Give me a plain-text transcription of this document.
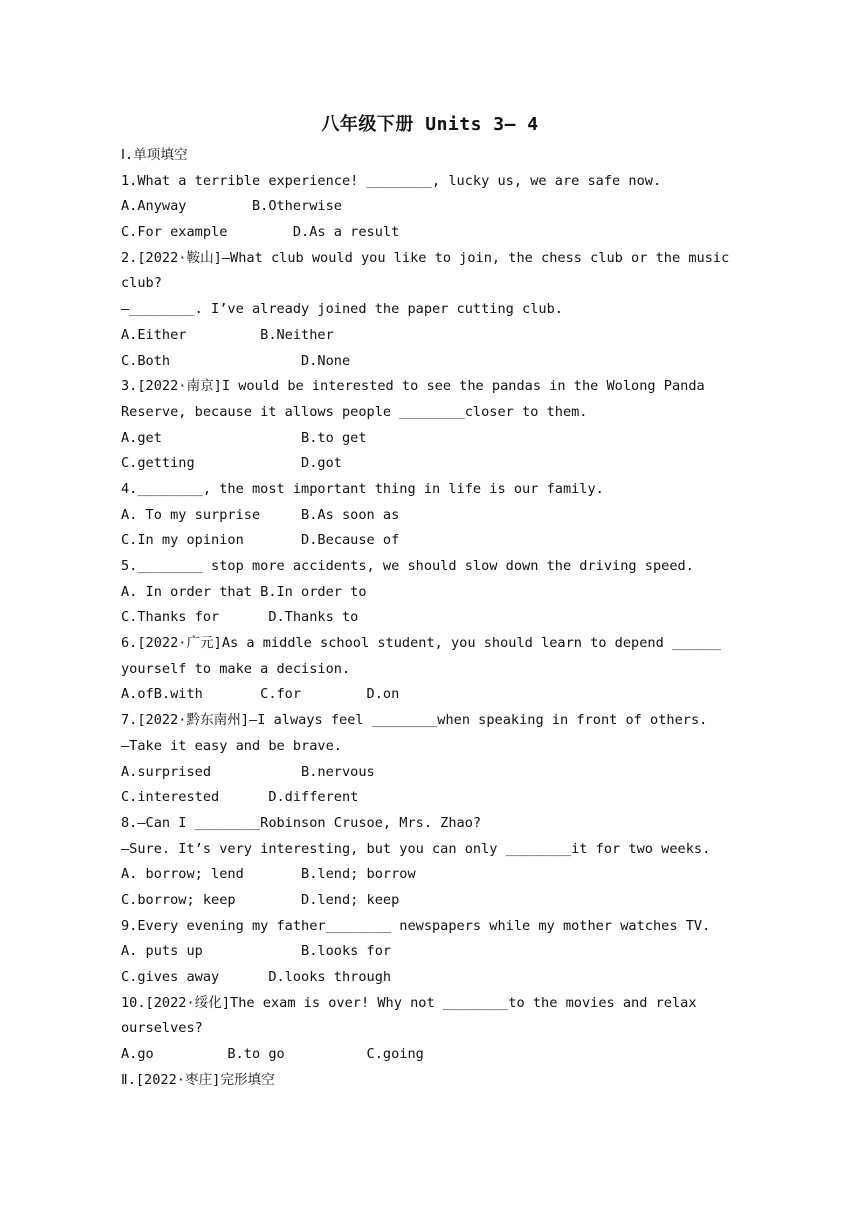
八年级下册 Units 3— 4
Ⅰ.单项填空
1.What a terrible experience! ________, lucky us, we are safe now.
A.Anyway        B.Otherwise
C.For example        D.As a result
2.[2022·鞍山]—What club would you like to join, the chess club or the music
club?
—________. I’ve already joined the paper cutting club.
A.Either         B.Neither
C.Both                D.None
3.[2022·南京]I would be interested to see the pandas in the Wolong Panda
Reserve, because it allows people ________closer to them.
A.get                 B.to get
C.getting             D.got
4.________, the most important thing in life is our family.
A. To my surprise     B.As soon as
C.In my opinion       D.Because of
5.________ stop more accidents, we should slow down the driving speed.
A. In order that B.In order to
C.Thanks for      D.Thanks to
6.[2022·广元]As a middle school student, you should learn to depend ______
yourself to make a decision.
A.ofB.with       C.for        D.on
7.[2022·黔东南州]—I always feel ________when speaking in front of others.
—Take it easy and be brave.
A.surprised           B.nervous
C.interested      D.different
8.—Can I ________Robinson Crusoe, Mrs. Zhao?
—Sure. It’s very interesting, but you can only ________it for two weeks.
A. borrow; lend       B.lend; borrow
C.borrow; keep        D.lend; keep
9.Every evening my father________ newspapers while my mother watches TV.
A. puts up            B.looks for
C.gives away      D.looks through
10.[2022·绥化]The exam is over! Why not ________to the movies and relax
ourselves?
A.go         B.to go          C.going
Ⅱ.[2022·枣庄]完形填空
